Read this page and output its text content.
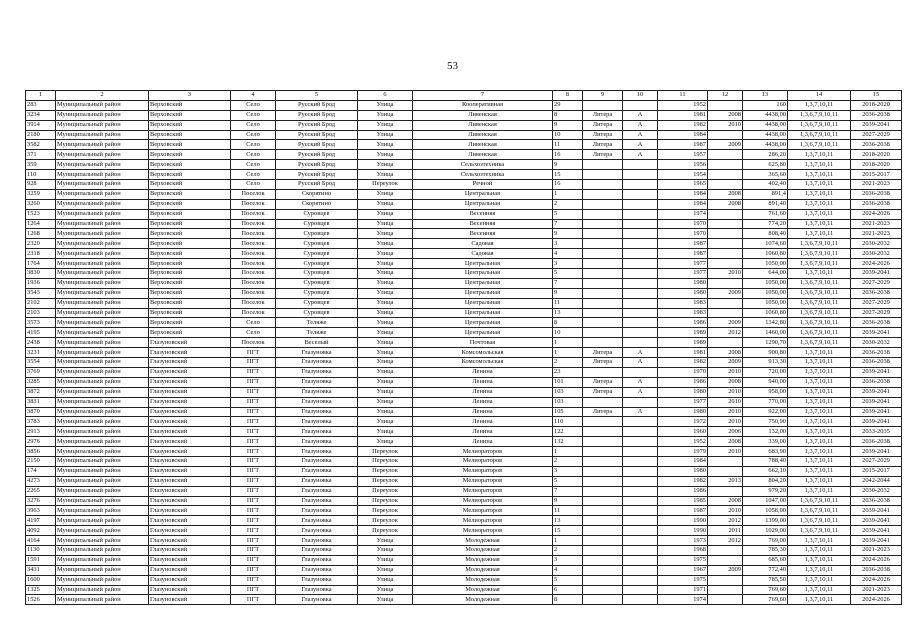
53
1	2	3	4	5	6	7	8	9	10	11	12	13	14	15
283	Муниципальный район	Верховский	Село	Русский Брод	Улица	Кооперативная	29			1952		160	1,3,7,10,11	2018-2020
3234	Муниципальный район	Верховский	Село	Русский Брод	Улица	Ливенская	8	Литера	А	1981	2008	4438,00	1,3,6,7,9,10,11	2036-2038
3914	Муниципальный район	Верховский	Село	Русский Брод	Улица	Ливенская	9	Литера	А	1982	2010	4438,00	1,3,6,7,9,10,11	2039-2041
2180	Муниципальный район	Верховский	Село	Русский Брод	Улица	Ливенская	10	Литера	А	1984		4438,00	1,3,6,7,9,10,11	2027-2029
3582	Муниципальный район	Верховский	Село	Русский Брод	Улица	Ливенская	11	Литера	А	1987	2009	4438,00	1,3,6,7,9,10,11	2036-2038
371	Муниципальный район	Верховский	Село	Русский Брод	Улица	Ливенская	16	Литера	А	1957		286,20	1,3,7,10,11	2018-2020
359	Муниципальный район	Верховский	Село	Русский Брод	Улица	Сельхозтехника	9			1956		625,80	1,3,7,10,11	2018-2020
110	Муниципальный район	Верховский	Село	Русский Брод	Улица	Сельхозтехника	15			1954		365,60	1,3,7,10,11	2015-2017
928	Муниципальный район	Верховский	Село	Русский Брод	Переулок	Речной	16			1965		402,40	1,3,7,10,11	2021-2023
3259	Муниципальный район	Верховский	Поселок	Скорятино	Улица	Центральная	1			1984	2008	891,4	1,3,7,10,11	2036-2038
3260	Муниципальный район	Верховский	Поселок	Скорятино	Улица	Центральная	2			1984	2008	891,40	1,3,7,10,11	2036-2038
1523	Муниципальный район	Верховский	Поселок	Суровцев	Улица	Весенняя	5			1974		761,60	1,3,7,10,11	2024-2026
1264	Муниципальный район	Верховский	Поселок	Суровцев	Улица	Весенняя	7			1970		774,20	1,3,7,10,11	2021-2023
1268	Муниципальный район	Верховский	Поселок	Суровцев	Улица	Весенняя	9			1970		808,40	1,3,7,10,11	2021-2023
2320	Муниципальный район	Верховский	Поселок	Суровцев	Улица	Садовая	3			1987		1074,60	1,3,6,7,9,10,11	2030-2032
2318	Муниципальный район	Верховский	Поселок	Суровцев	Улица	Садовая	4			1987		1060,80	1,3,6,7,9,10,11	2030-2032
1764	Муниципальный район	Верховский	Поселок	Суровцев	Улица	Центральная	3			1977		1050,00	1,3,6,7,9,10,11	2024-2026
3830	Муниципальный район	Верховский	Поселок	Суровцев	Улица	Центральная	5			1977	2010	644,00	1,3,7,10,11	2039-2041
1936	Муниципальный район	Верховский	Поселок	Суровцев	Улица	Центральная	7			1980		1050,00	1,3,6,7,9,10,11	2027-2029
3543	Муниципальный район	Верховский	Поселок	Суровцев	Улица	Центральная	9			1980	2009	1050,00	1,3,6,7,9,10,11	2036-2038
2102	Муниципальный район	Верховский	Поселок	Суровцев	Улица	Центральная	11			1983		1050,00	1,3,6,7,9,10,11	2027-2029
2103	Муниципальный район	Верховский	Поселок	Суровцев	Улица	Центральная	13			1983		1060,80	1,3,6,7,9,10,11	2027-2029
3573	Муниципальный район	Верховский	Село	Теляже	Улица	Центральная	8			1986	2009	1342,80	1,3,6,7,9,10,11	2036-2038
4195	Муниципальный район	Верховский	Село	Теляже	Улица	Центральная	10			1989	2012	1460,00	1,3,6,7,9,10,11	2039-2041
2438	Муниципальный район	Глазуновский	Поселок	Веселый	Улица	Почтовая	1			1989		1290,70	1,3,6,7,9,10,11	2030-2032
3231	Муниципальный район	Глазуновский	ПГТ	Глазуновка	Улица	Комсомольская	1	Литера	А	1981	2008	900,80	1,3,7,10,11	2036-2038
3554	Муниципальный район	Глазуновский	ПГТ	Глазуновка	Улица	Комсомольская	2	Литера	А	1982	2009	913,30	1,3,7,10,11	2036-2038
3769	Муниципальный район	Глазуновский	ПГТ	Глазуновка	Улица	Ленина	23			1970	2010	720,00	1,3,7,10,11	2039-2041
3285	Муниципальный район	Глазуновский	ПГТ	Глазуновка	Улица	Ленина	101	Литера	А	1986	2008	940,00	1,3,7,10,11	2036-2038
3872	Муниципальный район	Глазуновский	ПГТ	Глазуновка	Улица	Ленина	103	Литера	А	1980	2010	958,00	1,3,7,10,11	2039-2041
3831	Муниципальный район	Глазуновский	ПГТ	Глазуновка	Улица	Ленина	103			1977	2010	770,00	1,3,7,10,11	2039-2041
3870	Муниципальный район	Глазуновский	ПГТ	Глазуновка	Улица	Ленина	105	Литера	А	1980	2010	922,00	1,3,7,10,11	2039-2041
3783	Муниципальный район	Глазуновский	ПГТ	Глазуновка	Улица	Ленина	110			1972	2010	750,90	1,3,7,10,11	2039-2041
2913	Муниципальный район	Глазуновский	ПГТ	Глазуновка	Улица	Ленина	122			1960	2006	132,00	1,3,7,10,11	2033-2035
2976	Муниципальный район	Глазуновский	ПГТ	Глазуновка	Улица	Ленина	132			1952	2008	339,00	1,3,7,10,11	2036-2038
3856	Муниципальный район	Глазуновский	ПГТ	Глазуновка	Переулок	Мелиораторов	1			1979	2010	683,90	1,3,7,10,11	2039-2041
2150	Муниципальный район	Глазуновский	ПГТ	Глазуновка	Переулок	Мелиораторов	2			1984		788,40	1,3,7,10,11	2027-2029
174	Муниципальный район	Глазуновский	ПГТ	Глазуновка	Переулок	Мелиораторов	3			1980		662,10	1,3,7,10,11	2015-2017
4273	Муниципальный район	Глазуновский	ПГТ	Глазуновка	Переулок	Мелиораторов	5			1982	2013	804,20	1,3,7,10,11	2042-2044
2265	Муниципальный район	Глазуновский	ПГТ	Глазуновка	Переулок	Мелиораторов	7			1986		979,20	1,3,7,10,11	2030-2032
3276	Муниципальный район	Глазуновский	ПГТ	Глазуновка	Переулок	Мелиораторов	9			1985	2008	1047,00	1,3,6,7,9,10,11	2036-2038
3963	Муниципальный район	Глазуновский	ПГТ	Глазуновка	Переулок	Мелиораторов	11			1987	2010	1058,00	1,3,6,7,9,10,11	2039-2041
4197	Муниципальный район	Глазуновский	ПГТ	Глазуновка	Переулок	Мелиораторов	13			1990	2012	1399,00	1,3,6,7,9,10,11	2039-2041
4092	Муниципальный район	Глазуновский	ПГТ	Глазуновка	Переулок	Мелиораторов	15			1990	2011	1029,00	1,3,6,7,9,10,11	2039-2041
4164	Муниципальный район	Глазуновский	ПГТ	Глазуновка	Улица	Молодежная	1			1973	2012	769,00	1,3,7,10,11	2039-2041
1130	Муниципальный район	Глазуновский	ПГТ	Глазуновка	Улица	Молодежная	2			1968		785,30	1,3,7,10,11	2021-2023
1591	Муниципальный район	Глазуновский	ПГТ	Глазуновка	Улица	Молодежная	3			1975		685,60	1,3,7,10,11	2024-2026
3431	Муниципальный район	Глазуновский	ПГТ	Глазуновка	Улица	Молодежная	4			1967	2009	772,40	1,3,7,10,11	2036-2038
1600	Муниципальный район	Глазуновский	ПГТ	Глазуновка	Улица	Молодежная	5			1975		785,50	1,3,7,10,11	2024-2026
1325	Муниципальный район	Глазуновский	ПГТ	Глазуновка	Улица	Молодежная	6			1971		769,60	1,3,7,10,11	2021-2023
1526	Муниципальный район	Глазуновский	ПГТ	Глазуновка	Улица	Молодежная	8			1974		769,60	1,3,7,10,11	2024-2026
